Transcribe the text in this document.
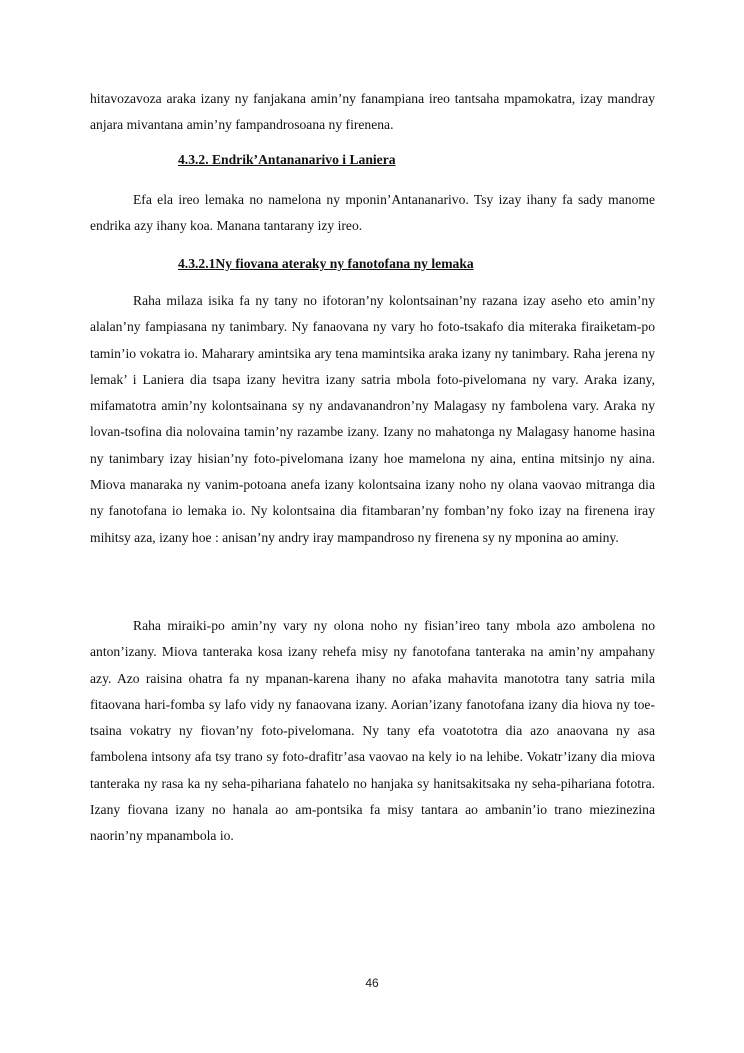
hitavozavoza araka izany ny fanjakana amin’ny fanampiana ireo tantsaha mpamokatra, izay mandray anjara mivantana amin’ny fampandrosoana ny firenena.

4.3.2. Endrik’Antananarivo i Laniera

Efa ela ireo lemaka no namelona ny mponin’Antananarivo. Tsy izay ihany fa sady manome endrika azy ihany koa. Manana tantarany izy ireo.

4.3.2.1Ny fiovana ateraky ny fanotofana ny lemaka

Raha milaza isika fa ny tany no ifotoran’ny kolontsainan’ny razana izay aseho eto amin’ny alalan’ny fampiasana ny tanimbary. Ny fanaovana ny vary ho foto-tsakafo dia miteraka firaiketam-po tamin’io vokatra io. Maharary amintsika ary tena mamintsika araka izany ny tanimbary. Raha jerena ny lemak’ i Laniera dia tsapa izany hevitra izany satria mbola foto-pivelomana ny vary. Araka izany, mifamatotra amin’ny kolontsainana sy ny andavanandron’ny Malagasy ny fambolena vary. Araka ny lovan-tsofina dia nolovaina tamin’ny razambe izany. Izany no mahatonga ny Malagasy hanome hasina ny tanimbary izay hisian’ny foto-pivelomana izany hoe mamelona ny aina, entina mitsinjo ny aina. Miova manaraka ny vanim-potoana anefa izany kolontsaina izany noho ny olana vaovao mitranga dia ny fanotofana io lemaka io. Ny kolontsaina dia fitambaran’ny fomban’ny foko izay na firenena iray mihitsy aza, izany hoe : anisan’ny andry iray mampandroso ny firenena sy ny mponina ao aminy.

Raha miraiki-po amin’ny vary ny olona noho ny fisian’ireo tany mbola azo ambolena no anton’izany. Miova tanteraka kosa izany rehefa misy ny fanotofana tanteraka na amin’ny ampahany azy. Azo raisina ohatra fa ny mpanan-karena ihany no afaka mahavita manototra tany satria mila fitaovana hari-fomba sy lafo vidy ny fanaovana izany. Aorian’izany fanotofana izany dia hiova ny toe-tsaina vokatry ny fiovan’ny foto-pivelomana. Ny tany efa voatototra dia azo anaovana ny asa fambolena intsony afa tsy trano sy foto-drafitr’asa vaovao na kely io na lehibe. Vokatr’izany dia miova tanteraka ny rasa ka ny seha-pihariana fahatelo no hanjaka sy hanitsakitsaka ny seha-pihariana fototra. Izany fiovana izany no hanala ao am-pontsika fa misy tantara ao ambanin’io trano miezinezina naorin’ny mpanambola io.

46
